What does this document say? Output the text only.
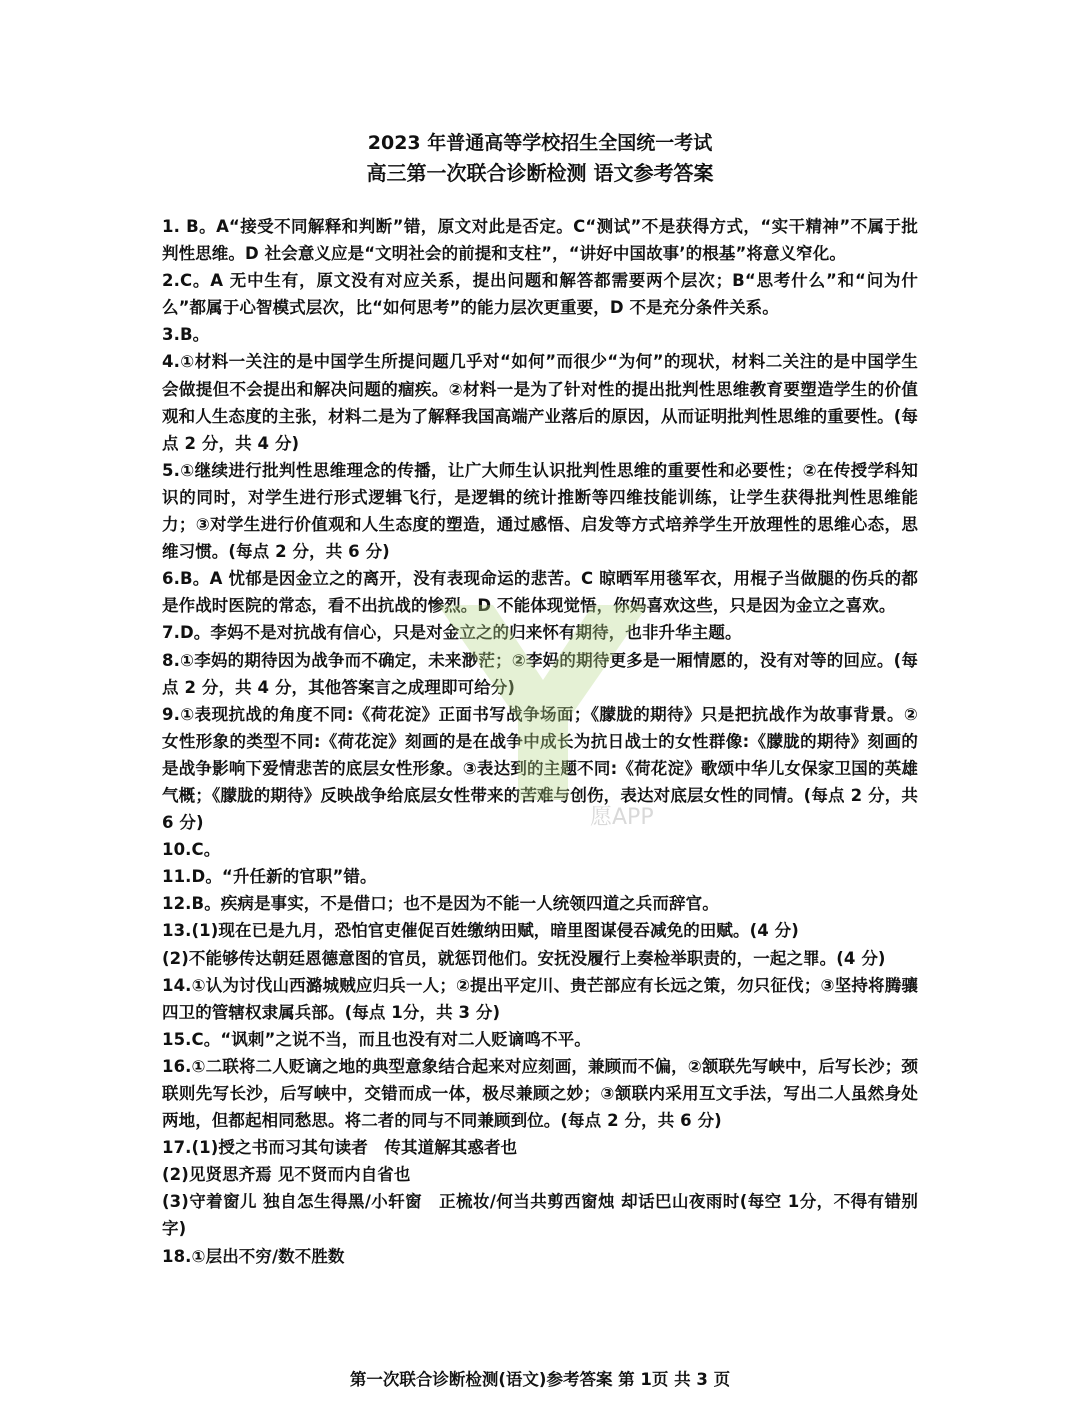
2023 年普通高等学校招生全国统一考试
高三第一次联合诊断检测 语文参考答案

1. B。A“接受不同解释和判断”错，原文对此是否定。C“测试”不是获得方式，“实干精神”不属于批判性思维。D 社会意义应是“文明社会的前提和支柱”，“讲好中国故事’的根基”将意义窄化。

2.C。A 无中生有，原文没有对应关系，提出问题和解答都需要两个层次；B“思考什么”和“问为什么”都属于心智模式层次，比“如何思考”的能力层次更重要，D 不是充分条件关系。

3.B。

4.①材料一关注的是中国学生所提问题几乎对“如何”而很少“为何”的现状，材料二关注的是中国学生会做提但不会提出和解决问题的痼疾。②材料一是为了针对性的提出批判性思维教育要塑造学生的价值观和人生态度的主张，材料二是为了解释我国高端产业落后的原因，从而证明批判性思维的重要性。(每点 2 分，共 4 分)

5.①继续进行批判性思维理念的传播，让广大师生认识批判性思维的重要性和必要性；②在传授学科知识的同时，对学生进行形式逻辑飞行，是逻辑的统计推断等四维技能训练，让学生获得批判性思维能力；③对学生进行价值观和人生态度的塑造，通过感悟、启发等方式培养学生开放理性的思维心态，思维习惯。(每点 2 分，共 6 分)

6.B。A 忧郁是因金立之的离开，没有表现命运的悲苦。C 晾晒军用毯军衣，用棍子当做腿的伤兵的都是作战时医院的常态，看不出抗战的惨烈。D 不能体现觉悟，你妈喜欢这些，只是因为金立之喜欢。

7.D。李妈不是对抗战有信心，只是对金立之的归来怀有期待，也非升华主题。

8.①李妈的期待因为战争而不确定，未来渺茫；②李妈的期待更多是一厢情愿的，没有对等的回应。(每点 2 分，共 4 分，其他答案言之成理即可给分)

9.①表现抗战的角度不同:《荷花淀》正面书写战争场面；《朦胧的期待》只是把抗战作为故事背景。②女性形象的类型不同:《荷花淀》刻画的是在战争中成长为抗日战士的女性群像:《朦胧的期待》刻画的是战争影响下爱情悲苦的底层女性形象。③表达到的主题不同:《荷花淀》歌颂中华儿女保家卫国的英雄气概；《朦胧的期待》反映战争给底层女性带来的苦难与创伤，表达对底层女性的同情。(每点 2 分，共 6 分)

10.C。

11.D。“升任新的官职”错。

12.B。疾病是事实，不是借口；也不是因为不能一人统领四道之兵而辞官。

13.(1)现在已是九月，恐怕官吏催促百姓缴纳田赋，暗里图谋侵吞减免的田赋。(4 分)

(2)不能够传达朝廷恩德意图的官员，就惩罚他们。安抚没履行上奏检举职责的，一起之罪。(4 分)

14.①认为讨伐山西潞城贼应归兵一人；②提出平定川、贵芒部应有长远之策，勿只征伐；③坚持将腾骧四卫的管辖权隶属兵部。(每点 1分，共 3 分)

15.C。“讽刺”之说不当，而且也没有对二人贬谪鸣不平。

16.①二联将二人贬谪之地的典型意象结合起来对应刻画，兼顾而不偏，②颔联先写峡中，后写长沙；颈联则先写长沙，后写峡中，交错而成一体，极尽兼顾之妙；③颔联内采用互文手法，写出二人虽然身处两地，但都起相同愁思。将二者的同与不同兼顾到位。(每点 2 分，共 6 分)

17.(1)授之书而习其句读者　传其道解其惑者也

(2)见贤思齐焉 见不贤而内自省也

(3)守着窗儿 独自怎生得黑/小轩窗　正梳妆/何当共剪西窗烛 却话巴山夜雨时(每空 1分，不得有错别字)

18.①层出不穷/数不胜数

愿APP
第一次联合诊断检测(语文)参考答案 第 1页 共 3 页
